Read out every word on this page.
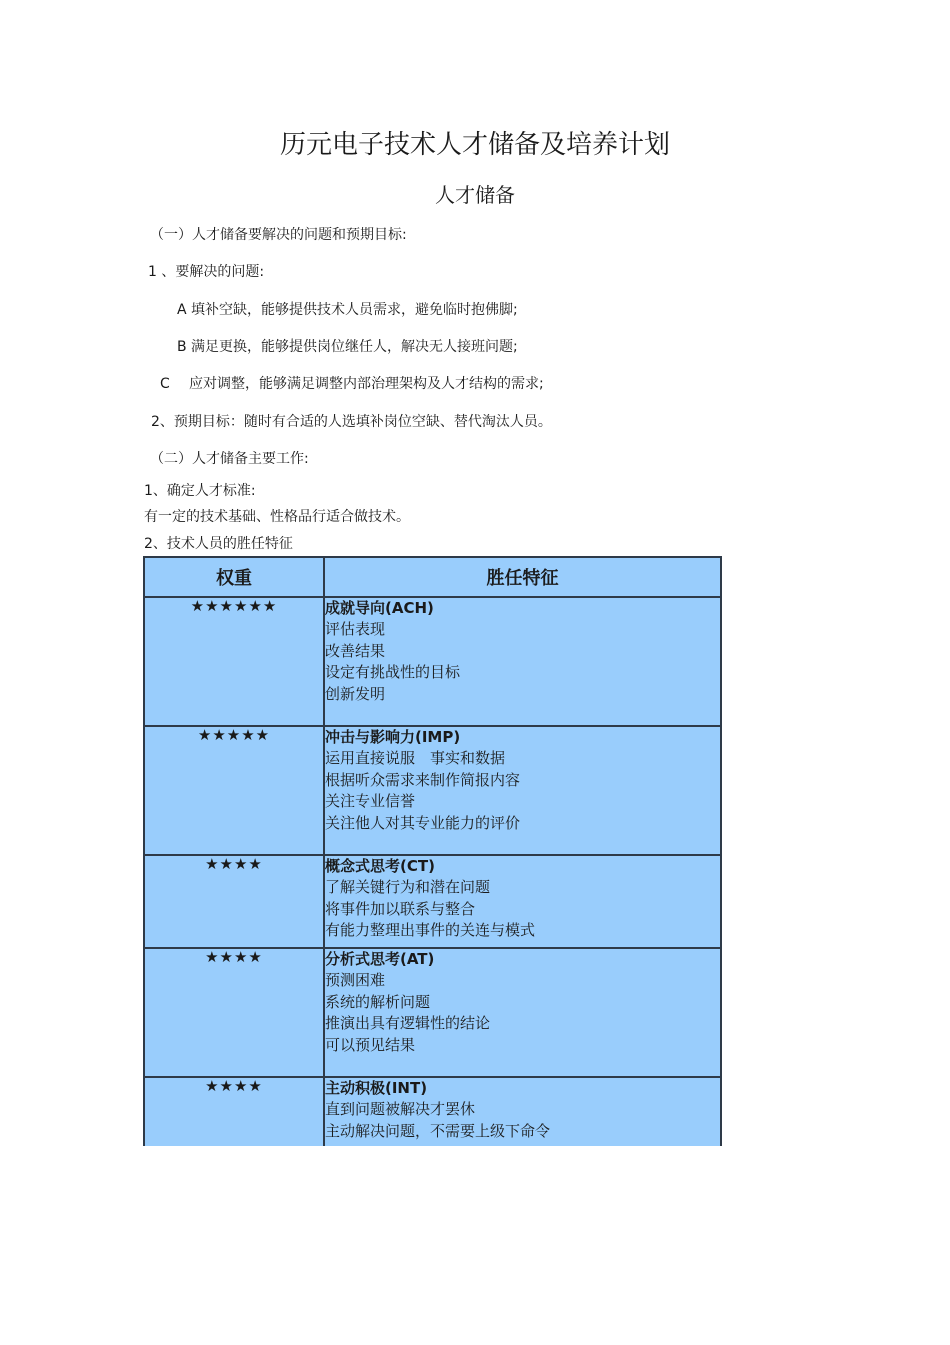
历元电子技术人才储备及培养计划
人才储备
（一）人才储备要解决的问题和预期目标:
1 、要解决的问题:
A 填补空缺，能够提供技术人员需求，避免临时抱佛脚;
B 满足更换，能够提供岗位继任人，解决无人接班问题;
C 应对调整，能够满足调整内部治理架构及人才结构的需求;
2、预期目标：随时有合适的人选填补岗位空缺、替代淘汰人员。
（二）人才储备主要工作:
1、确定人才标准:
有一定的技术基础、性格品行适合做技术。
2、技术人员的胜任特征
权重	胜任特征
★★★★★★	成就导向(ACH)
评估表现
改善结果
设定有挑战性的目标
创新发明

★★★★★	冲击与影响力(IMP)
运用直接说服　事实和数据
根据听众需求来制作简报内容
关注专业信誉
关注他人对其专业能力的评价

★★★★	概念式思考(CT)
了解关键行为和潜在问题
将事件加以联系与整合
有能力整理出事件的关连与模式

★★★★	分析式思考(AT)
预测困难
系统的解析问题
推演出具有逻辑性的结论
可以预见结果

★★★★	主动积极(INT)
直到问题被解决才罢休
主动解决问题，不需要上级下命令
